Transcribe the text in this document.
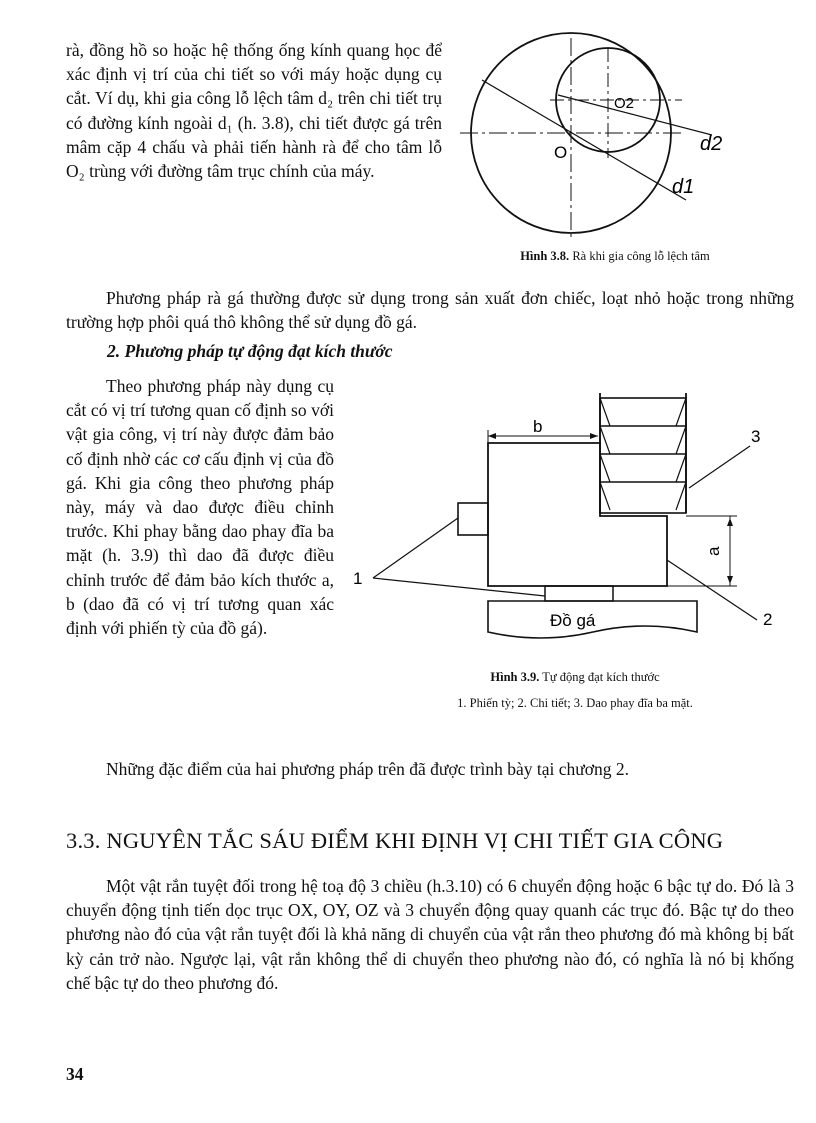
rà, đồng hồ so hoặc hệ thống ống kính quang học để xác định vị trí của chi tiết so với máy hoặc dụng cụ cắt. Ví dụ, khi gia công lỗ lệch tâm d₂ trên chi tiết trụ có đường kính ngoài d₁ (h. 3.8), chi tiết được gá trên mâm cặp 4 chấu và phải tiến hành rà để cho tâm lỗ O₂ trùng với đường tâm trục chính của máy.
O
O2
d2
d1
Hình 3.8. Rà khi gia công lỗ lệch tâm
Phương pháp rà gá thường được sử dụng trong sản xuất đơn chiếc, loạt nhỏ hoặc trong những trường hợp phôi quá thô không thể sử dụng đồ gá.
2. Phương pháp tự động đạt kích thước
Theo phương pháp này dụng cụ cắt có vị trí tương quan cố định so với vật gia công, vị trí này được đảm bảo cố định nhờ các cơ cấu định vị của đồ gá. Khi gia công theo phương pháp này, máy và dao được điều chỉnh trước. Khi phay bằng dao phay đĩa ba mặt (h. 3.9) thì dao đã được điều chỉnh trước để đảm bảo kích thước a, b (dao đã có vị trí tương quan xác định với phiến tỳ của đồ gá).	Đồ gá
b
a
1
2
3
Hình 3.9. Tự động đạt kích thước
1. Phiến tỳ; 2. Chi tiết; 3. Dao phay đĩa ba mặt.
Những đặc điểm của hai phương pháp trên đã được trình bày tại chương 2.
3.3. NGUYÊN TẮC SÁU ĐIỂM KHI ĐỊNH VỊ CHI TIẾT GIA CÔNG
Một vật rắn tuyệt đối trong hệ toạ độ 3 chiều (h.3.10) có 6 chuyển động hoặc 6 bậc tự do. Đó là 3 chuyển động tịnh tiến dọc trục OX, OY, OZ và 3 chuyển động quay quanh các trục đó. Bậc tự do theo phương nào đó của vật rắn tuyệt đối là khả năng di chuyển của vật rắn theo phương đó mà không bị bất kỳ cản trở nào. Ngược lại, vật rắn không thể di chuyển theo phương nào đó, có nghĩa là nó bị khống chế bậc tự do theo phương đó.
34
